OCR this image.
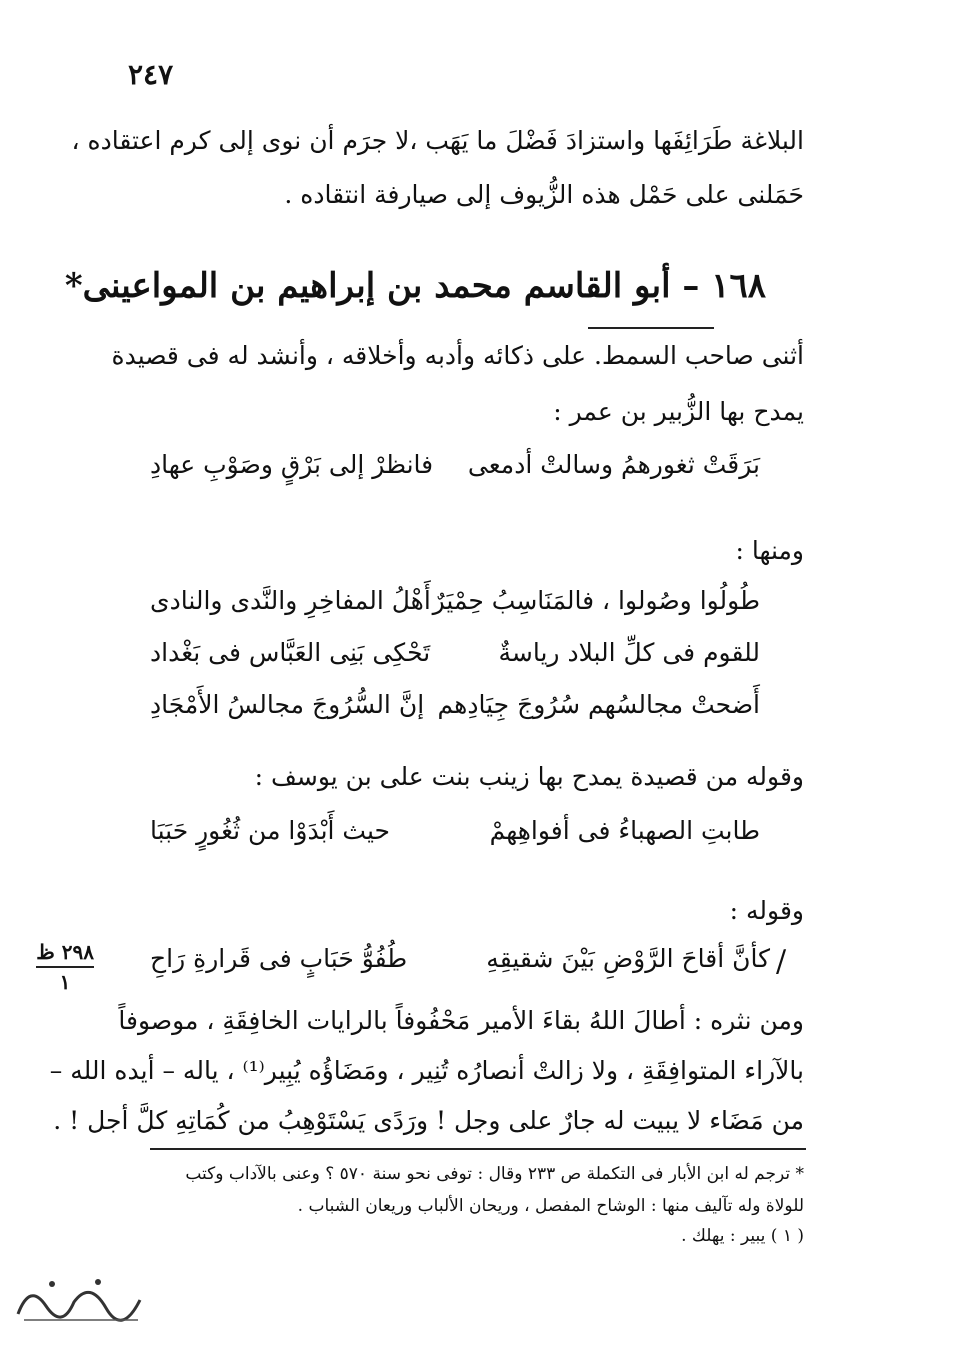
٢٤٧
البلاغة طَرَائِفَها واستزادَ فَضْلَ ما يَهَب ،لا جرَم أن نوى إلى كرم اعتقاده ،
حَمَلنى على حَمْل هذه الزُّيوف إلى صيارفة انتقاده .
١٦٨ – أبو القاسم محمد بن إبراهيم بن المواعينى*
أثنى صاحب السمط. على ذكائه وأدبه وأخلاقه ، وأنشد له فى قصيدة
يمدح بها الزُّبير بن عمر :
بَرَقَتْ ثغورهمُ وسالتْ أدمعى
فانظرْ إلى بَرْقٍ وصَوْبِ عهادِ
ومنها :
طُولُوا وصُولوا ، فالمَنَاسِبُ حِمْيَرٌ
أَهْلُ المفاخِرِ والنَّدى والنادى
للقوم فى كلِّ البلاد رياسةٌ
تَحْكِى بَنِى العَبَّاس فى بَغْداد
أَضحتْ مجالسُهم سُرُوجَ جِيَادِهم
إنَّ السُّرُوجَ مجالسُ الأَمْجَادِ
وقوله من قصيدة يمدح بها زينب بنت على بن يوسف :
طابتِ الصهباءُ فى أفواهِهمْ
حيث أَبْدَوْا من ثُغُورٍ حَبَبَا
وقوله :
/
كأنَّ أقاحَ الرَّوْضِ بَيْنَ شقيقِهِ
طُفُوُّ حَبَابٍ فى قَرارةِ رَاحِ
٢٩٨ ظ
١
ومن نثره : أطالَ اللهُ بقاءَ الأمير مَحْفُوفاً بالرايات الخافِقَةِ ، موصوفاً
بالآراء المتوافِقَةِ ، ولا زالتْ أنصارُه تُنِير ، ومَضَاؤُه يُبِير⁽¹⁾ ، ياله – أيده الله –
من مَضَاء لا يبيت له جارٌ على وجل ! ورَدًى يَسْتَوْهِبُ من كُمَاتِهِ كلَّ أجل ! .
* ترجم له ابن الأبار فى التكملة ص ٢٣٣ وقال : توفى نحو سنة ٥٧٠ ؟ وعنى بالآداب وكتب
للولاة وله تآليف منها : الوشاح المفصل ، وريحان الألباب وريعان الشباب .
( ١ ) يبير : يهلك .
